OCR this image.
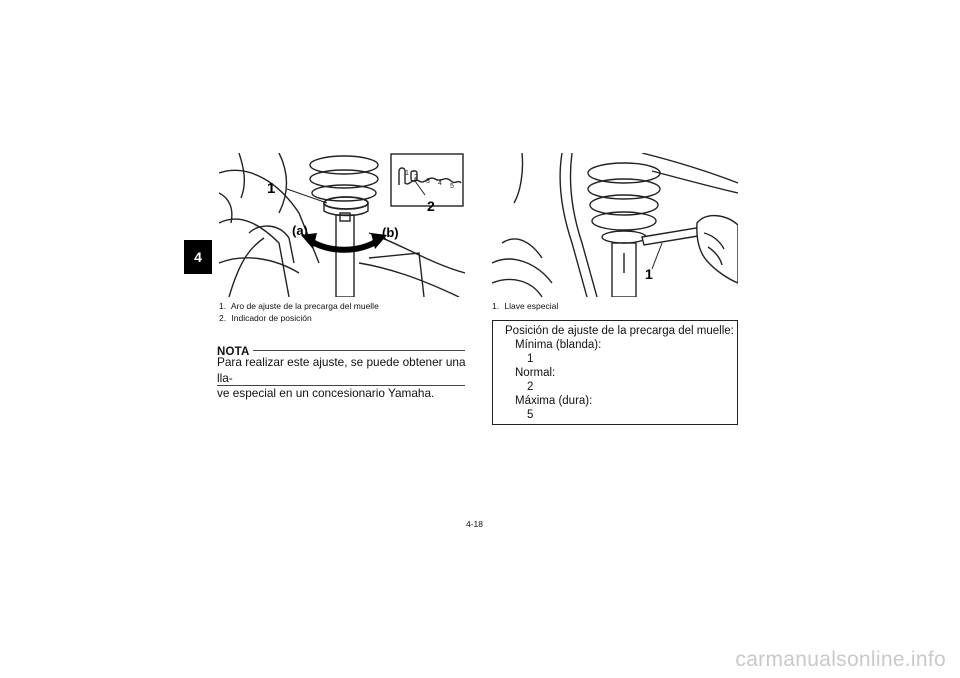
4
1
2
(a)	(b)
1
2
3 4 5
1. Aro de ajuste de la precarga del muelle
2. Indicador de posición
NOTA
Para realizar este ajuste, se puede obtener una lla-
ve especial en un concesionario Yamaha.
1
1. Llave especial
Posición de ajuste de la precarga del muelle:
Mínima (blanda):
1
Normal:
2
Máxima (dura):
5
4-18
carmanualsonline.info
